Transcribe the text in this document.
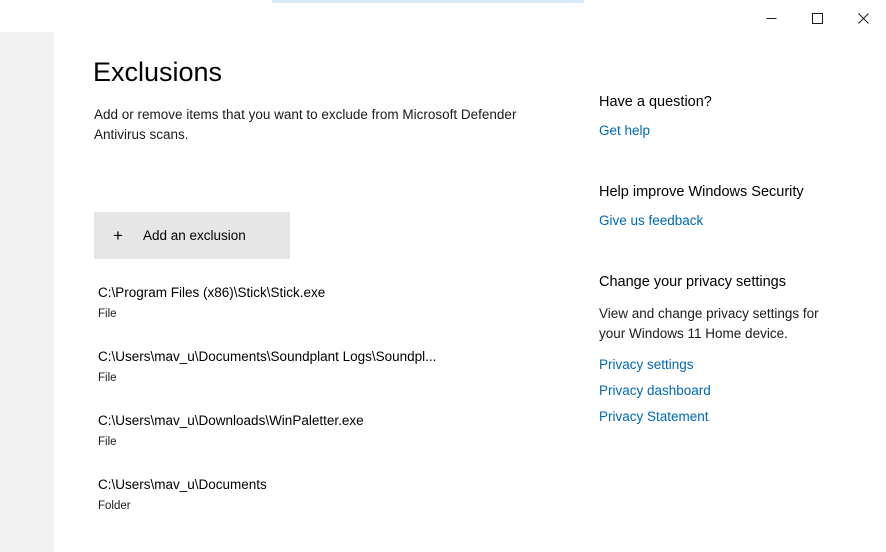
Exclusions
Add or remove items that you want to exclude from Microsoft Defender Antivirus scans.
+	Add an exclusion
C:\Program Files (x86)\Stick\Stick.exe
File
C:\Users\mav_u\Documents\Soundplant Logs\Soundpl...
File
C:\Users\mav_u\Downloads\WinPaletter.exe
File
C:\Users\mav_u\Documents
Folder
Have a question?
Get help
Help improve Windows Security
Give us feedback
Change your privacy settings
View and change privacy settings for your Windows 11 Home device.
Privacy settings
Privacy dashboard
Privacy Statement
